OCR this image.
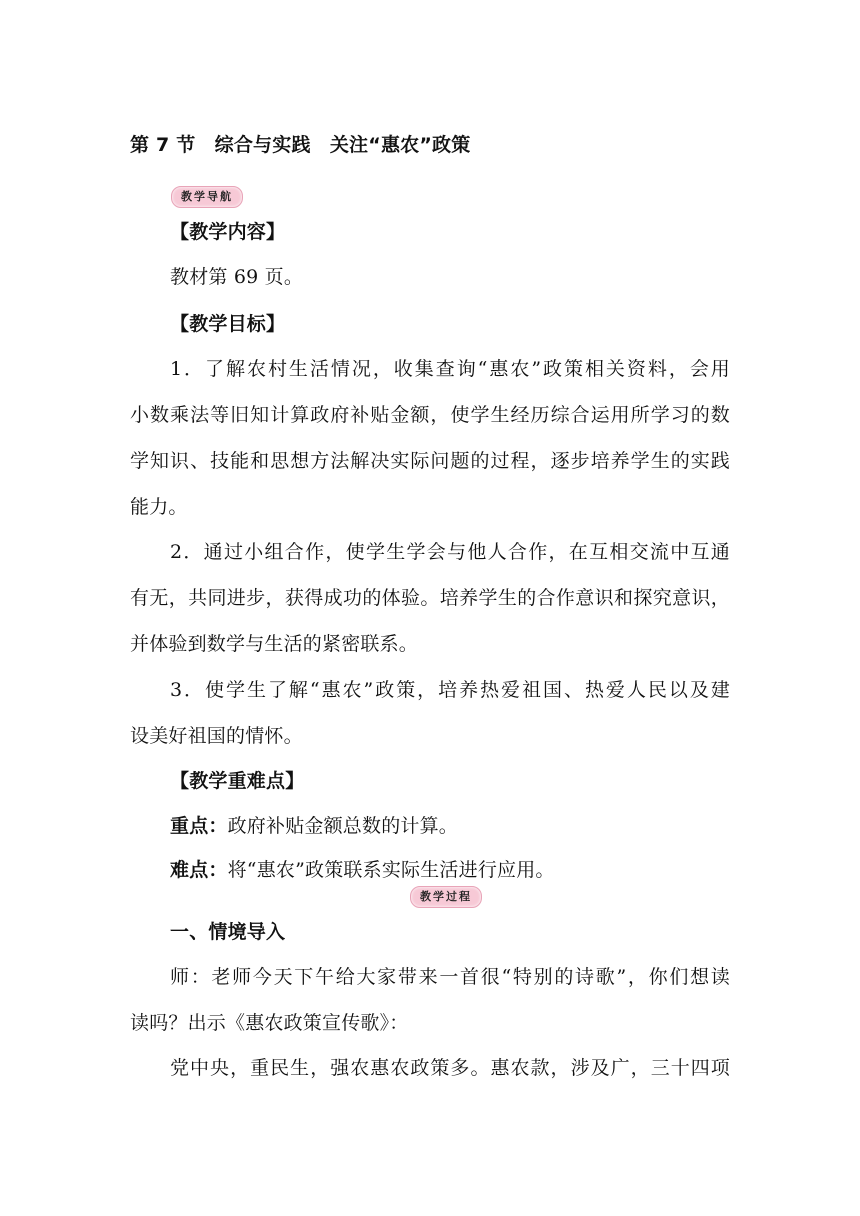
第 7 节　综合与实践　关注“惠农”政策
教学导航
【教学内容】
教材第 69 页。
【教学目标】
1．了解农村生活情况，收集查询“惠农”政策相关资料，会用
小数乘法等旧知计算政府补贴金额，使学生经历综合运用所学习的数
学知识、技能和思想方法解决实际问题的过程，逐步培养学生的实践
能力。
2．通过小组合作，使学生学会与他人合作，在互相交流中互通
有无，共同进步，获得成功的体验。培养学生的合作意识和探究意识，
并体验到数学与生活的紧密联系。
3．使学生了解“惠农”政策，培养热爱祖国、热爱人民以及建
设美好祖国的情怀。
【教学重难点】
重点：政府补贴金额总数的计算。
难点：将“惠农”政策联系实际生活进行应用。
教学过程
一、情境导入
师：老师今天下午给大家带来一首很“特别的诗歌”，你们想读
读吗？出示《惠农政策宣传歌》：
党中央，重民生，强农惠农政策多。惠农款，涉及广，三十四项
